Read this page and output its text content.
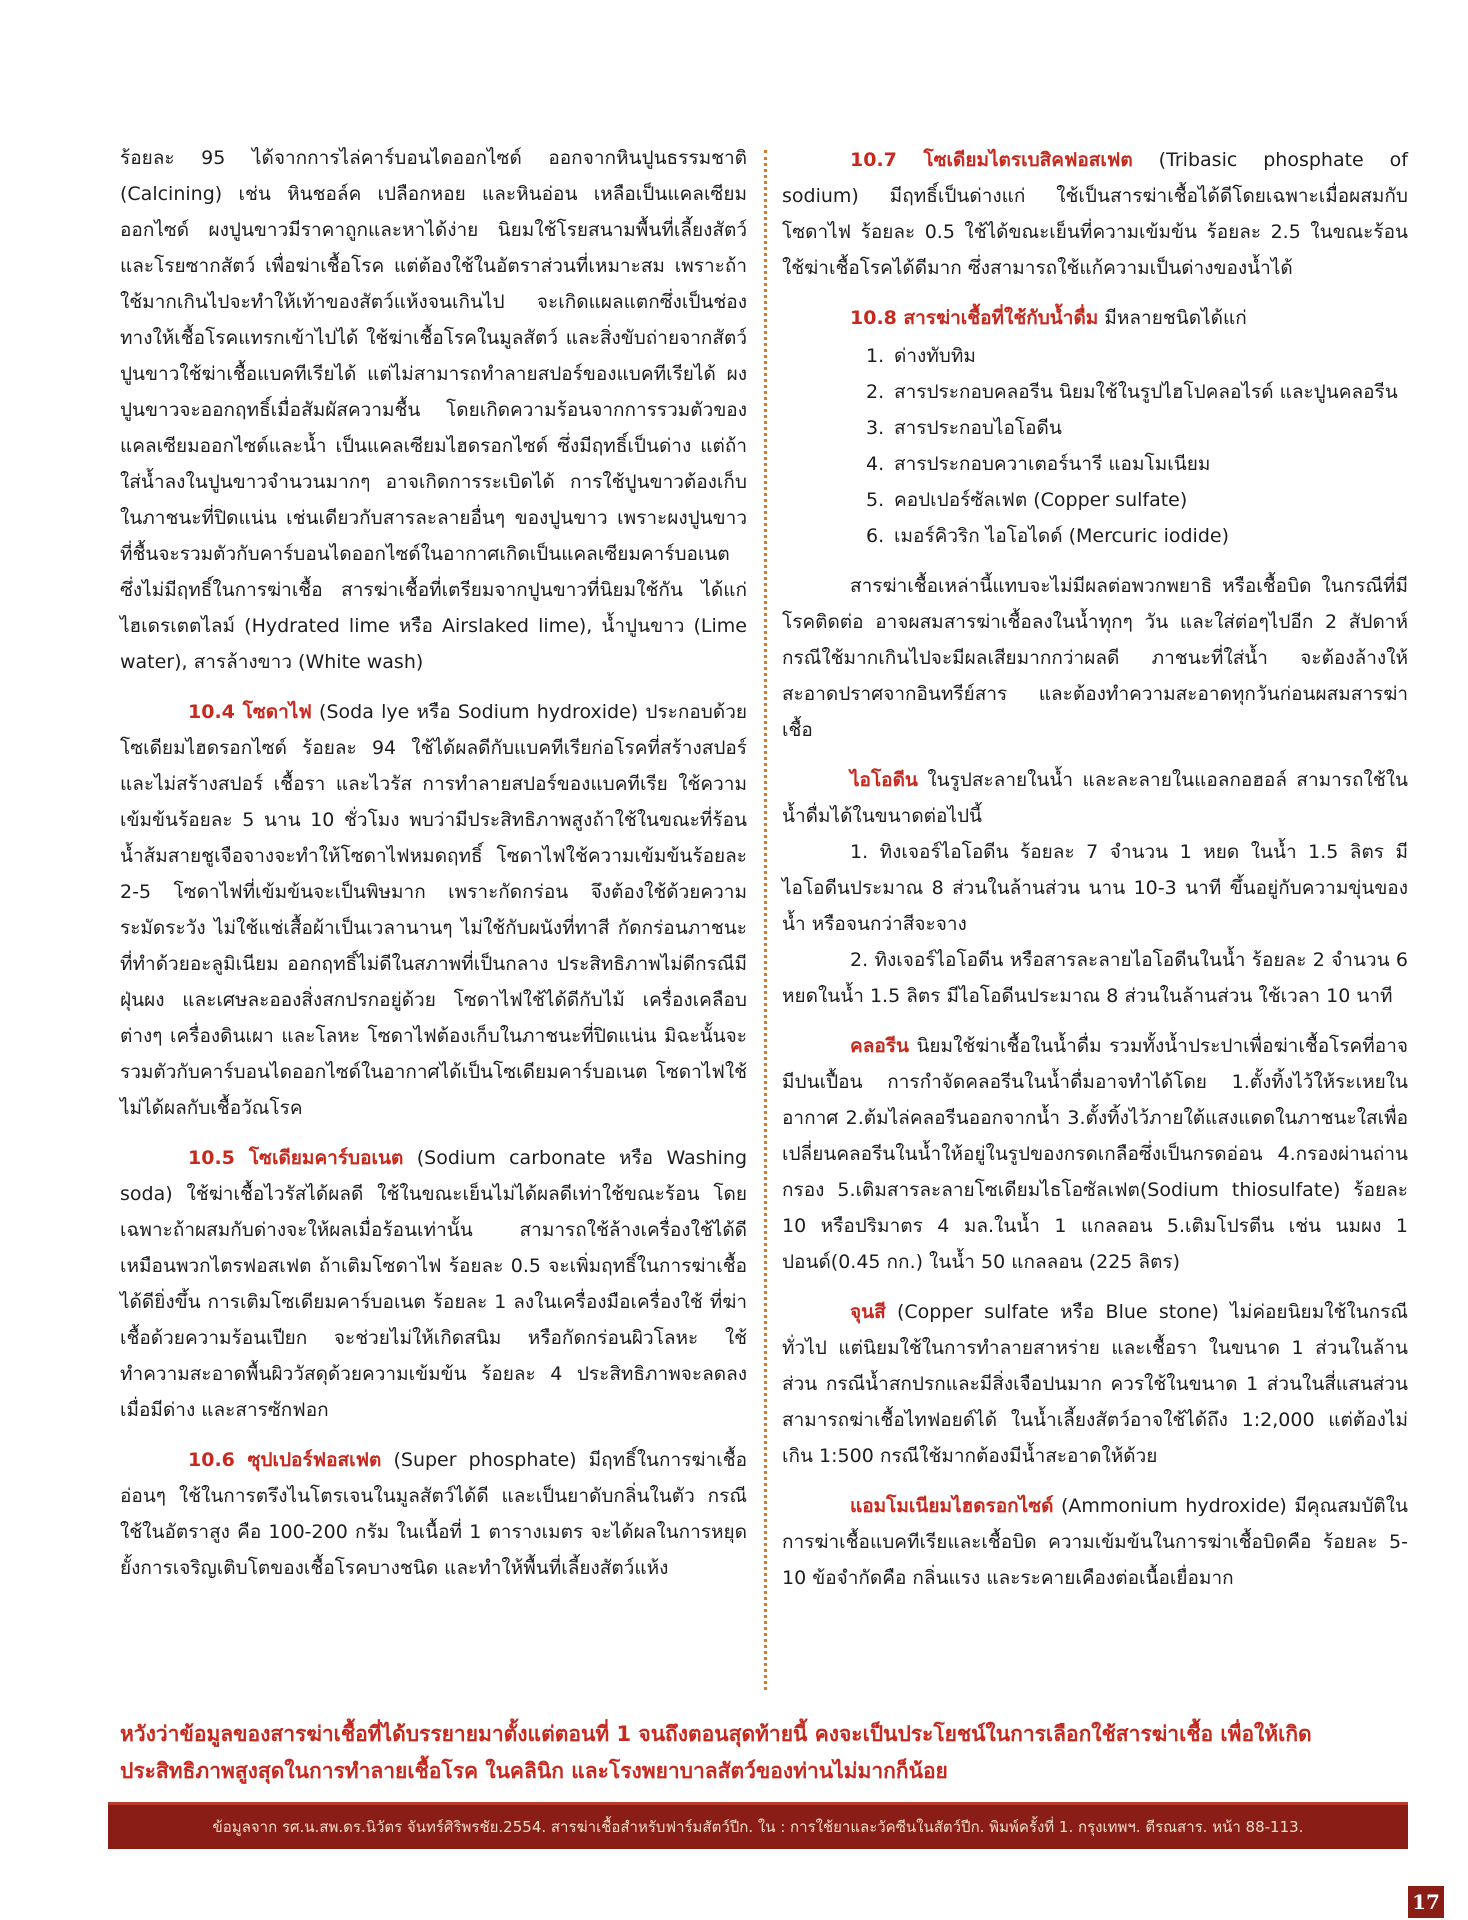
ร้อยละ 95 ได้จากการไล่คาร์บอนไดออกไซด์ ออกจากหินปูนธรรมชาติ (Calcining) เช่น หินชอล์ค เปลือกหอย และหินอ่อน เหลือเป็นแคลเซียมออกไซด์ ผงปูนขาวมีราคาถูกและหาได้ง่าย นิยมใช้โรยสนามพื้นที่เลี้ยงสัตว์ และโรยซากสัตว์ เพื่อฆ่าเชื้อโรค แต่ต้องใช้ในอัตราส่วนที่เหมาะสม เพราะถ้าใช้มากเกินไปจะทำให้เท้าของสัตว์แห้งจนเกินไป จะเกิดแผลแตกซึ่งเป็นช่องทางให้เชื้อโรคแทรกเข้าไปได้ ใช้ฆ่าเชื้อโรคในมูลสัตว์ และสิ่งขับถ่ายจากสัตว์ ปูนขาวใช้ฆ่าเชื้อแบคทีเรียได้ แต่ไม่สามารถทำลายสปอร์ของแบคทีเรียได้ ผงปูนขาวจะออกฤทธิ์เมื่อสัมผัสความชื้น โดยเกิดความร้อนจากการรวมตัวของแคลเซียมออกไซด์และน้ำ เป็นแคลเซียมไฮดรอกไซด์ ซึ่งมีฤทธิ์เป็นด่าง แต่ถ้าใส่น้ำลงในปูนขาวจำนวนมากๆ อาจเกิดการระเบิดได้ การใช้ปูนขาวต้องเก็บในภาชนะที่ปิดแน่น เช่นเดียวกับสารละลายอื่นๆ ของปูนขาว เพราะผงปูนขาวที่ชื้นจะรวมตัวกับคาร์บอนไดออกไซด์ในอากาศเกิดเป็นแคลเซียมคาร์บอเนต ซึ่งไม่มีฤทธิ์ในการฆ่าเชื้อ สารฆ่าเชื้อที่เตรียมจากปูนขาวที่นิยมใช้กัน ได้แก่ ไฮเดรเตตไลม์ (Hydrated lime หรือ Airslaked lime), น้ำปูนขาว (Lime water), สารล้างขาว (White wash)

10.4 โซดาไฟ (Soda lye หรือ Sodium hydroxide) ประกอบด้วยโซเดียมไฮดรอกไซด์ ร้อยละ 94 ใช้ได้ผลดีกับแบคทีเรียก่อโรคที่สร้างสปอร์ และไม่สร้างสปอร์ เชื้อรา และไวรัส การทำลายสปอร์ของแบคทีเรีย ใช้ความเข้มข้นร้อยละ 5 นาน 10 ชั่วโมง พบว่ามีประสิทธิภาพสูงถ้าใช้ในขณะที่ร้อน น้ำส้มสายชูเจือจางจะทำให้โซดาไฟหมดฤทธิ์ โซดาไฟใช้ความเข้มข้นร้อยละ 2-5 โซดาไฟที่เข้มข้นจะเป็นพิษมาก เพราะกัดกร่อน จึงต้องใช้ด้วยความระมัดระวัง ไม่ใช้แช่เสื้อผ้าเป็นเวลานานๆ ไม่ใช้กับผนังที่ทาสี กัดกร่อนภาชนะที่ทำด้วยอะลูมิเนียม ออกฤทธิ์ไม่ดีในสภาพที่เป็นกลาง ประสิทธิภาพไม่ดีกรณีมีฝุ่นผง และเศษละอองสิ่งสกปรกอยู่ด้วย โซดาไฟใช้ได้ดีกับไม้ เครื่องเคลือบต่างๆ เครื่องดินเผา และโลหะ โซดาไฟต้องเก็บในภาชนะที่ปิดแน่น มิฉะนั้นจะรวมตัวกับคาร์บอนไดออกไซด์ในอากาศได้เป็นโซเดียมคาร์บอเนต โซดาไฟใช้ไม่ได้ผลกับเชื้อวัณโรค

10.5 โซเดียมคาร์บอเนต (Sodium carbonate หรือ Washing soda) ใช้ฆ่าเชื้อไวรัสได้ผลดี ใช้ในขณะเย็นไม่ได้ผลดีเท่าใช้ขณะร้อน โดยเฉพาะถ้าผสมกับด่างจะให้ผลเมื่อร้อนเท่านั้น สามารถใช้ล้างเครื่องใช้ได้ดีเหมือนพวกไตรฟอสเฟต ถ้าเติมโซดาไฟ ร้อยละ 0.5 จะเพิ่มฤทธิ์ในการฆ่าเชื้อได้ดียิ่งขึ้น การเติมโซเดียมคาร์บอเนต ร้อยละ 1 ลงในเครื่องมือเครื่องใช้ ที่ฆ่าเชื้อด้วยความร้อนเปียก จะช่วยไม่ให้เกิดสนิม หรือกัดกร่อนผิวโลหะ ใช้ทำความสะอาดพื้นผิววัสดุด้วยความเข้มข้น ร้อยละ 4 ประสิทธิภาพจะลดลงเมื่อมีด่าง และสารซักฟอก

10.6 ซุปเปอร์ฟอสเฟต (Super phosphate) มีฤทธิ์ในการฆ่าเชื้ออ่อนๆ ใช้ในการตรึงไนโตรเจนในมูลสัตว์ได้ดี และเป็นยาดับกลิ่นในตัว กรณีใช้ในอัตราสูง คือ 100-200 กรัม ในเนื้อที่ 1 ตารางเมตร จะได้ผลในการหยุดยั้งการเจริญเติบโตของเชื้อโรคบางชนิด และทำให้พื้นที่เลี้ยงสัตว์แห้ง

10.7 โซเดียมไตรเบสิคฟอสเฟต (Tribasic phosphate of sodium) มีฤทธิ์เป็นด่างแก่ ใช้เป็นสารฆ่าเชื้อได้ดีโดยเฉพาะเมื่อผสมกับโซดาไฟ ร้อยละ 0.5 ใช้ได้ขณะเย็นที่ความเข้มข้น ร้อยละ 2.5 ในขณะร้อนใช้ฆ่าเชื้อโรคได้ดีมาก ซึ่งสามารถใช้แก้ความเป็นด่างของน้ำได้

10.8 สารฆ่าเชื้อที่ใช้กับน้ำดื่ม มีหลายชนิดได้แก่

1. ด่างทับทิม
2. สารประกอบคลอรีน นิยมใช้ในรูปไฮโปคลอไรด์ และปูนคลอรีน
3. สารประกอบไอโอดีน
4. สารประกอบควาเตอร์นารี แอมโมเนียม
5. คอปเปอร์ซัลเฟต (Copper sulfate)
6. เมอร์คิวริก ไอโอไดด์ (Mercuric iodide)

สารฆ่าเชื้อเหล่านี้แทบจะไม่มีผลต่อพวกพยาธิ หรือเชื้อบิด ในกรณีที่มีโรคติดต่อ อาจผสมสารฆ่าเชื้อลงในน้ำทุกๆ วัน และใส่ต่อๆไปอีก 2 สัปดาห์ กรณีใช้มากเกินไปจะมีผลเสียมากกว่าผลดี ภาชนะที่ใส่น้ำ จะต้องล้างให้สะอาดปราศจากอินทรีย์สาร และต้องทำความสะอาดทุกวันก่อนผสมสารฆ่าเชื้อ

ไอโอดีน ในรูปสะลายในน้ำ และละลายในแอลกอฮอล์ สามารถใช้ในน้ำดื่มได้ในขนาดต่อไปนี้

1. ทิงเจอร์ไอโอดีน ร้อยละ 7 จำนวน 1 หยด ในน้ำ 1.5 ลิตร มีไอโอดีนประมาณ 8 ส่วนในล้านส่วน นาน 10-3 นาที ขึ้นอยู่กับความขุ่นของน้ำ หรือจนกว่าสีจะจาง

2. ทิงเจอร์ไอโอดีน หรือสารละลายไอโอดีนในน้ำ ร้อยละ 2 จำนวน 6 หยดในน้ำ 1.5 ลิตร มีไอโอดีนประมาณ 8 ส่วนในล้านส่วน ใช้เวลา 10 นาที

คลอรีน นิยมใช้ฆ่าเชื้อในน้ำดื่ม รวมทั้งน้ำประปาเพื่อฆ่าเชื้อโรคที่อาจมีปนเปื้อน การกำจัดคลอรีนในน้ำดื่มอาจทำได้โดย 1.ตั้งทิ้งไว้ให้ระเหยในอากาศ 2.ต้มไล่คลอรีนออกจากน้ำ 3.ตั้งทิ้งไว้ภายใต้แสงแดดในภาชนะใสเพื่อเปลี่ยนคลอรีนในน้ำให้อยู่ในรูปของกรดเกลือซึ่งเป็นกรดอ่อน 4.กรองผ่านถ่านกรอง 5.เติมสารละลายโซเดียมไธโอซัลเฟต(Sodium thiosulfate) ร้อยละ 10 หรือปริมาตร 4 มล.ในน้ำ 1 แกลลอน 5.เติมโปรตีน เช่น นมผง 1 ปอนด์(0.45 กก.) ในน้ำ 50 แกลลอน (225 ลิตร)

จุนสี (Copper sulfate หรือ Blue stone) ไม่ค่อยนิยมใช้ในกรณีทั่วไป แต่นิยมใช้ในการทำลายสาหร่าย และเชื้อรา ในขนาด 1 ส่วนในล้านส่วน กรณีน้ำสกปรกและมีสิ่งเจือปนมาก ควรใช้ในขนาด 1 ส่วนในสี่แสนส่วน สามารถฆ่าเชื้อไทฟอยด์ได้ ในน้ำเลี้ยงสัตว์อาจใช้ได้ถึง 1:2,000 แต่ต้องไม่เกิน 1:500 กรณีใช้มากต้องมีน้ำสะอาดให้ด้วย

แอมโมเนียมไฮดรอกไซด์ (Ammonium hydroxide) มีคุณสมบัติในการฆ่าเชื้อแบคทีเรียและเชื้อบิด ความเข้มข้นในการฆ่าเชื้อบิดคือ ร้อยละ 5-10 ข้อจำกัดคือ กลิ่นแรง และระคายเคืองต่อเนื้อเยื่อมาก

หวังว่าข้อมูลของสารฆ่าเชื้อที่ได้บรรยายมาตั้งแต่ตอนที่ 1 จนถึงตอนสุดท้ายนี้ คงจะเป็นประโยชน์ในการเลือกใช้สารฆ่าเชื้อ เพื่อให้เกิดประสิทธิภาพสูงสุดในการทำลายเชื้อโรค ในคลินิก และโรงพยาบาลสัตว์ของท่านไม่มากก็น้อย
ข้อมูลจาก รศ.น.สพ.ดร.นิวัตร จันทร์ศิริพรชัย.2554. สารฆ่าเชื้อสำหรับฟาร์มสัตว์ปีก. ใน : การใช้ยาและวัคซีนในสัตว์ปีก. พิมพ์ครั้งที่ 1. กรุงเทพฯ. ตีรณสาร. หน้า 88-113.
17
